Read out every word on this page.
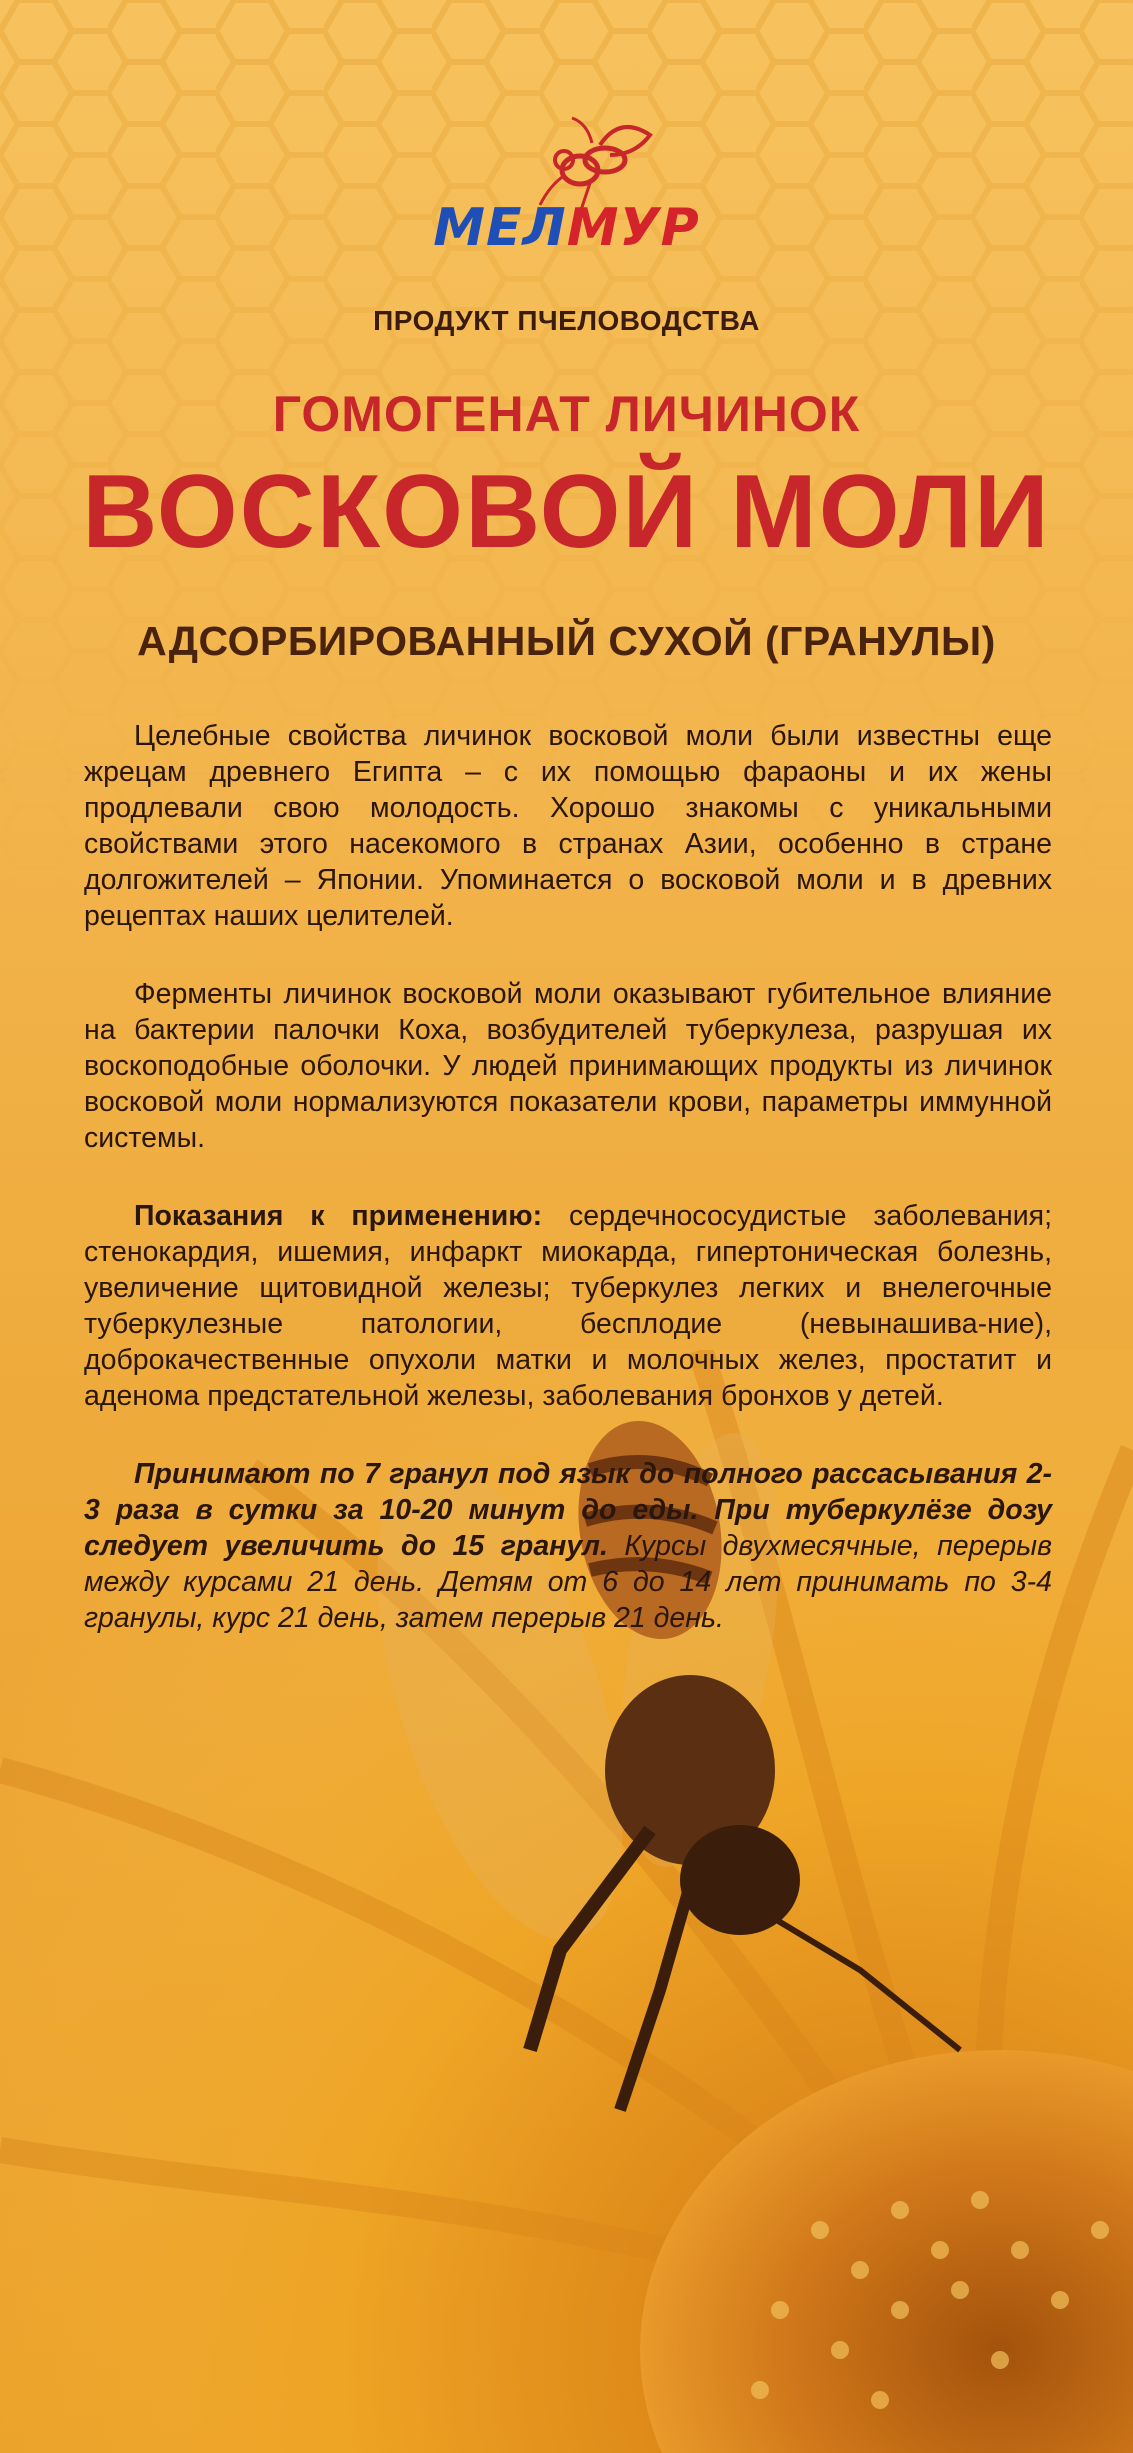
МЕЛМУР
ПРОДУКТ ПЧЕЛОВОДСТВА
ГОМОГЕНАТ ЛИЧИНОК
ВОСКОВОЙ МОЛИ
АДСОРБИРОВАННЫЙ СУХОЙ (ГРАНУЛЫ)

Целебные свойства личинок восковой моли были известны еще жрецам древнего Египта – с их помощью фараоны и их жены продлевали свою молодость. Хорошо знакомы с уникальными свойствами этого насекомого в странах Азии, особенно в стране долгожителей – Японии. Упоминается о восковой моли и в древних рецептах наших целителей.

Ферменты личинок восковой моли оказывают губительное влияние на бактерии палочки Коха, возбудителей туберкулеза, разрушая их воскоподобные оболочки. У людей принимающих продукты из личинок восковой моли нормализуются показатели крови, параметры иммунной системы.

Показания к применению: сердечнососудистые заболевания; стенокардия, ишемия, инфаркт миокарда, гипертоническая болезнь, увеличение щитовидной железы; туберкулез легких и внелегочные туберкулезные патологии, бесплодие (невынашива-ние), доброкачественные опухоли матки и молочных желез, простатит и аденома предстательной железы, заболевания бронхов у детей.

Принимают по 7 гранул под язык до полного рассасывания 2-3 раза в сутки за 10-20 минут до еды. При туберкулёзе дозу следует увеличить до 15 гранул. Курсы двухмесячные, перерыв между курсами 21 день. Детям от 6 до 14 лет принимать по 3-4 гранулы, курс 21 день, затем перерыв 21 день.
